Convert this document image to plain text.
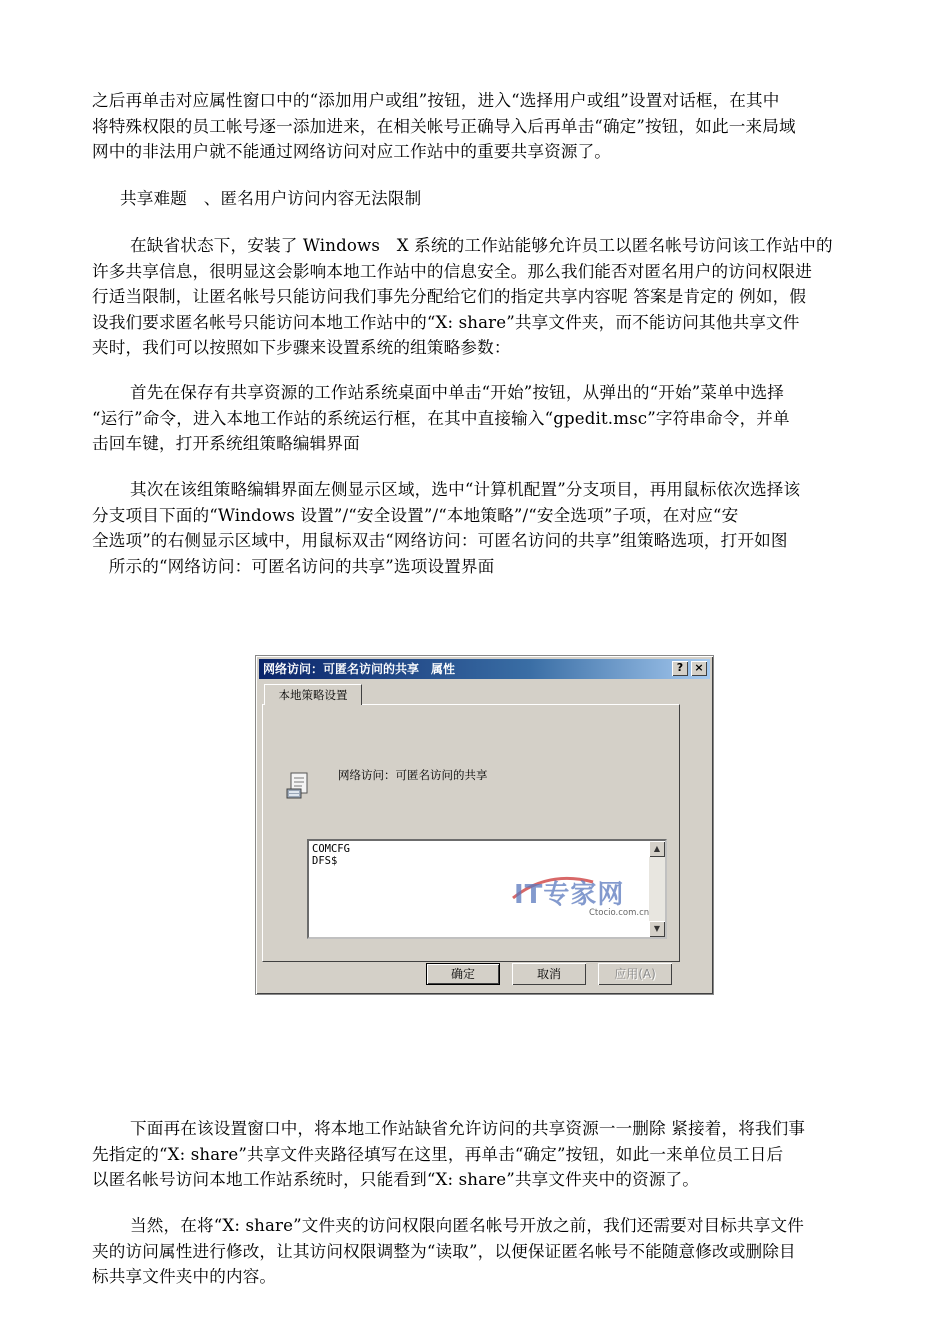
之后再单击对应属性窗口中的“添加用户或组”按钮，进入“选择用户或组”设置对话框，在其中
将特殊权限的员工帐号逐一添加进来，在相关帐号正确导入后再单击“确定”按钮，如此一来局域
网中的非法用户就不能通过网络访问对应工作站中的重要共享资源了。
共享难题　、匿名用户访问内容无法限制
在缺省状态下，安装了 Windows　X 系统的工作站能够允许员工以匿名帐号访问该工作站中的
许多共享信息，很明显这会影响本地工作站中的信息安全。那么我们能否对匿名用户的访问权限进
行适当限制，让匿名帐号只能访问我们事先分配给它们的指定共享内容呢 答案是肯定的 例如，假
设我们要求匿名帐号只能访问本地工作站中的“X: share”共享文件夹，而不能访问其他共享文件
夹时，我们可以按照如下步骤来设置系统的组策略参数：
首先在保存有共享资源的工作站系统桌面中单击“开始”按钮，从弹出的“开始”菜单中选择
“运行”命令，进入本地工作站的系统运行框，在其中直接输入“gpedit.msc”字符串命令，并单
击回车键，打开系统组策略编辑界面
其次在该组策略编辑界面左侧显示区域，选中“计算机配置”分支项目，再用鼠标依次选择该
分支项目下面的“Windows 设置”/“安全设置”/“本地策略”/“安全选项”子项，在对应“安
全选项”的右侧显示区域中，用鼠标双击“网络访问：可匿名访问的共享”组策略选项，打开如图
　所示的“网络访问：可匿名访问的共享”选项设置界面
网络访问：可匿名访问的共享　属性	?	×
本地策略设置
网络访问：可匿名访问的共享
COMCFG
DFS$
▲
▼
IT专家网
Ctocio.com.cn
确定	取消	应用(A)
下面再在该设置窗口中，将本地工作站缺省允许访问的共享资源一一删除 紧接着，将我们事
先指定的“X: share”共享文件夹路径填写在这里，再单击“确定”按钮，如此一来单位员工日后
以匿名帐号访问本地工作站系统时，只能看到“X: share”共享文件夹中的资源了。
当然，在将“X: share”文件夹的访问权限向匿名帐号开放之前，我们还需要对目标共享文件
夹的访问属性进行修改，让其访问权限调整为“读取”，以便保证匿名帐号不能随意修改或删除目
标共享文件夹中的内容。
